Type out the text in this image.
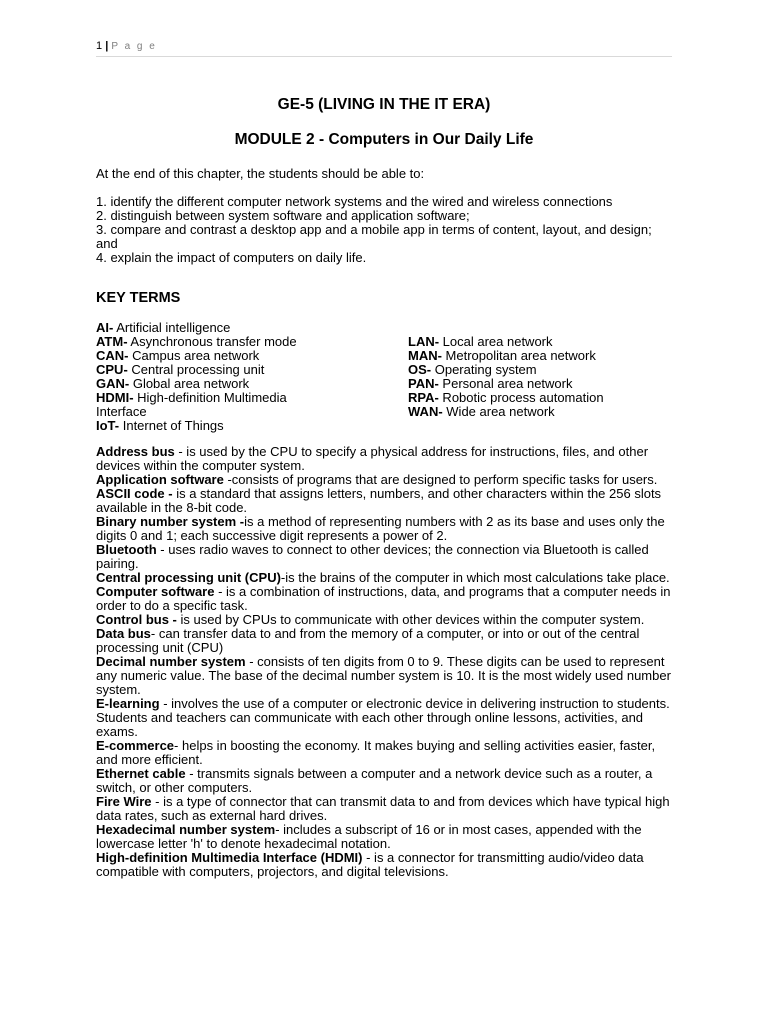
1 | P a g e
GE-5 (LIVING IN THE IT ERA)
MODULE 2 - Computers in Our Daily Life
At the end of this chapter, the students should be able to:
1. identify the different computer network systems and the wired and wireless connections
2. distinguish between system software and application software;
3. compare and contrast a desktop app and a mobile app in terms of content, layout, and design; and
4. explain the impact of computers on daily life.
KEY TERMS
AI- Artificial intelligence
ATM- Asynchronous transfer mode
CAN- Campus area network
CPU- Central processing unit
GAN- Global area network
HDMI- High-definition Multimedia
Interface
IoT- Internet of Things
LAN- Local area network
MAN- Metropolitan area network
OS- Operating system
PAN- Personal area network
RPA- Robotic process automation
WAN- Wide area network

Address bus - is used by the CPU to specify a physical address for instructions, files, and other devices within the computer system.

Application software -consists of programs that are designed to perform specific tasks for users.

ASCII code - is a standard that assigns letters, numbers, and other characters within the 256 slots available in the 8-bit code.

Binary number system -is a method of representing numbers with 2 as its base and uses only the digits 0 and 1; each successive digit represents a power of 2.

Bluetooth - uses radio waves to connect to other devices; the connection via Bluetooth is called pairing.

Central processing unit (CPU)-is the brains of the computer in which most calculations take place.

Computer software - is a combination of instructions, data, and programs that a computer needs in order to do a specific task.

Control bus - is used by CPUs to communicate with other devices within the computer system.

Data bus- can transfer data to and from the memory of a computer, or into or out of the central processing unit (CPU)

Decimal number system - consists of ten digits from 0 to 9. These digits can be used to represent any numeric value. The base of the decimal number system is 10. It is the most widely used number system.

E-learning - involves the use of a computer or electronic device in delivering instruction to students. Students and teachers can communicate with each other through online lessons, activities, and exams.

E-commerce- helps in boosting the economy. It makes buying and selling activities easier, faster, and more efficient.

Ethernet cable - transmits signals between a computer and a network device such as a router, a switch, or other computers.

Fire Wire - is a type of connector that can transmit data to and from devices which have typical high data rates, such as external hard drives.

Hexadecimal number system- includes a subscript of 16 or in most cases, appended with the lowercase letter 'h' to denote hexadecimal notation.

High-definition Multimedia Interface (HDMI) - is a connector for transmitting audio/video data compatible with computers, projectors, and digital televisions.
